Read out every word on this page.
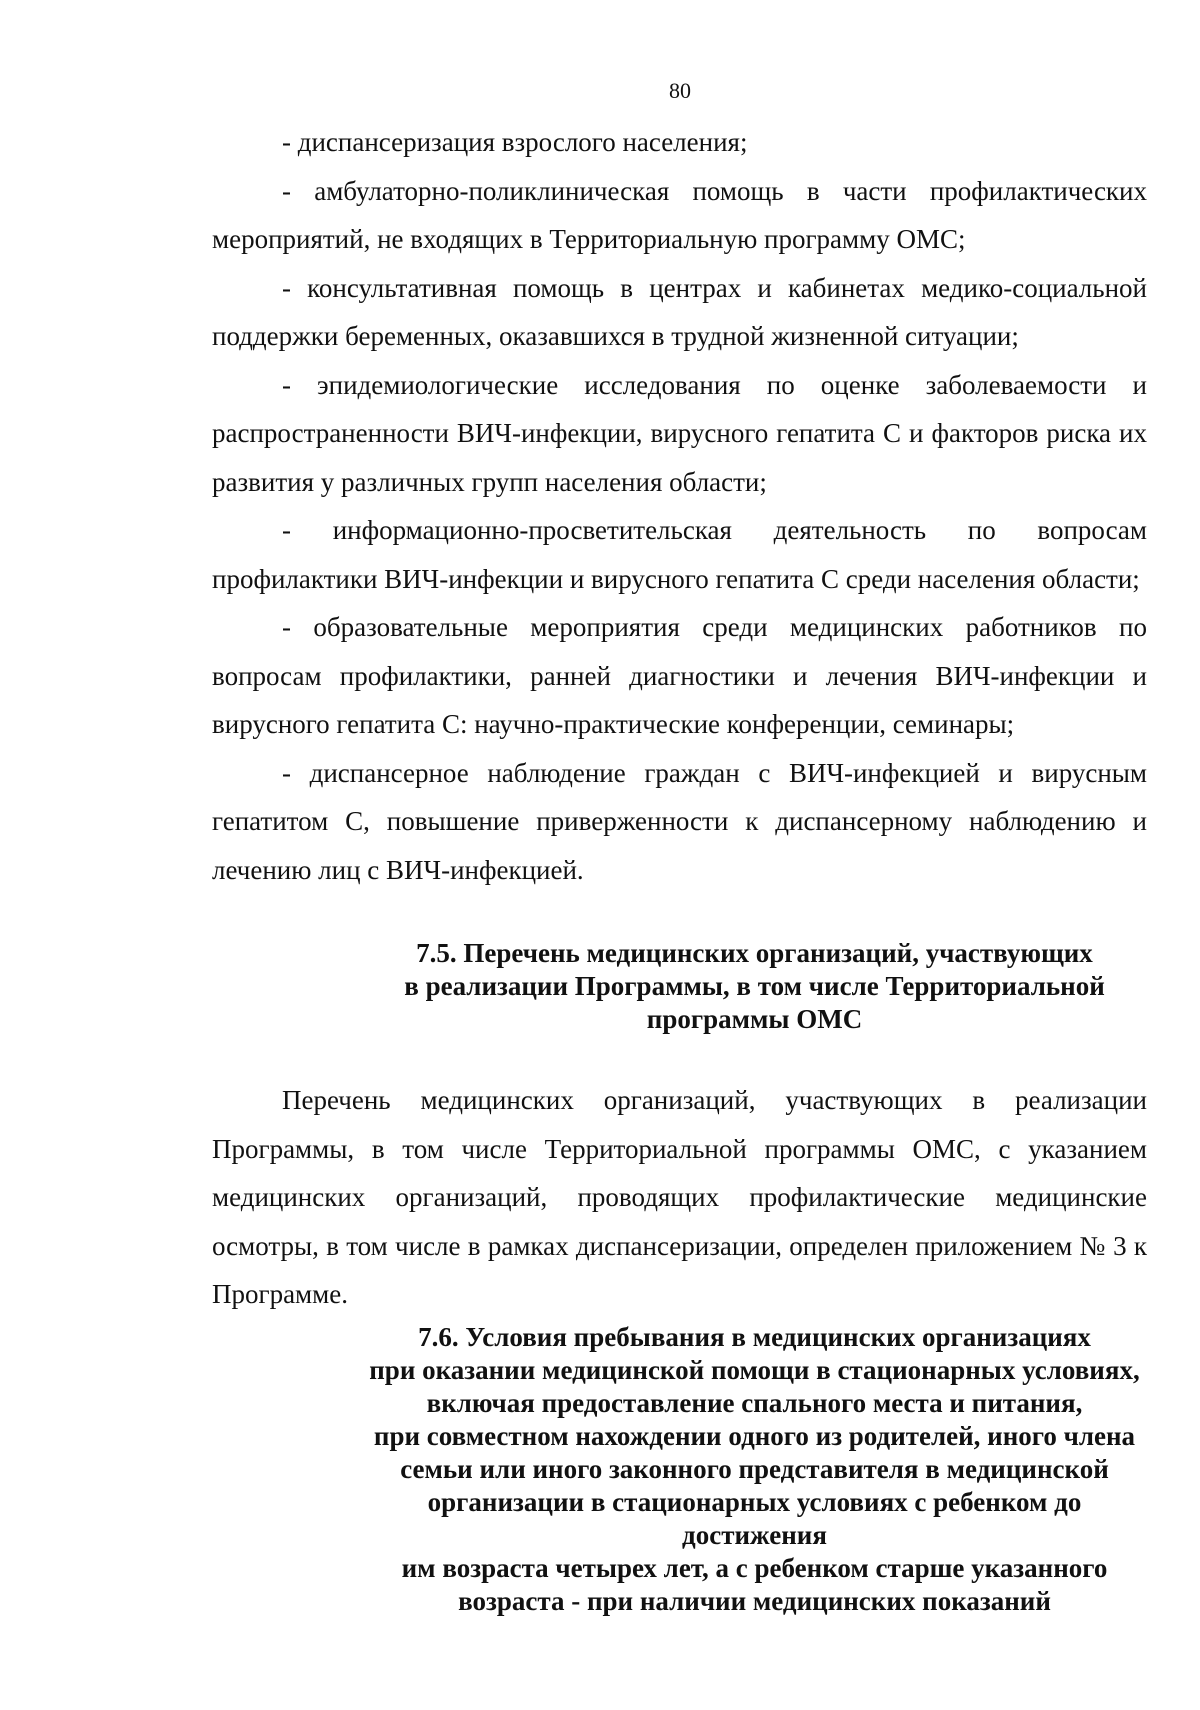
80

- диспансеризация взрослого населения;

- амбулаторно-поликлиническая помощь в части профилактических мероприятий, не входящих в Территориальную программу ОМС;

- консультативная помощь в центрах и кабинетах медико-социальной поддержки беременных, оказавшихся в трудной жизненной ситуации;

- эпидемиологические исследования по оценке заболеваемости и распространенности ВИЧ-инфекции, вирусного гепатита С и факторов риска их развития у различных групп населения области;

- информационно-просветительская деятельность по вопросам профилактики ВИЧ-инфекции и вирусного гепатита С среди населения области;

- образовательные мероприятия среди медицинских работников по вопросам профилактики, ранней диагностики и лечения ВИЧ-инфекции и вирусного гепатита С: научно-практические конференции, семинары;

- диспансерное наблюдение граждан с ВИЧ-инфекцией и вирусным гепатитом С, повышение приверженности к диспансерному наблюдению и лечению лиц с ВИЧ-инфекцией.

7.5. Перечень медицинских организаций, участвующих
в реализации Программы, в том числе Территориальной
программы ОМС

Перечень медицинских организаций, участвующих в реализации Программы, в том числе Территориальной программы ОМС, с указанием медицинских организаций, проводящих профилактические медицинские осмотры, в том числе в рамках диспансеризации, определен приложением № 3 к Программе.

7.6. Условия пребывания в медицинских организациях
при оказании медицинской помощи в стационарных условиях,
включая предоставление спального места и питания,
при совместном нахождении одного из родителей, иного члена
семьи или иного законного представителя в медицинской
организации в стационарных условиях с ребенком до достижения
им возраста четырех лет, а с ребенком старше указанного
возраста - при наличии медицинских показаний
